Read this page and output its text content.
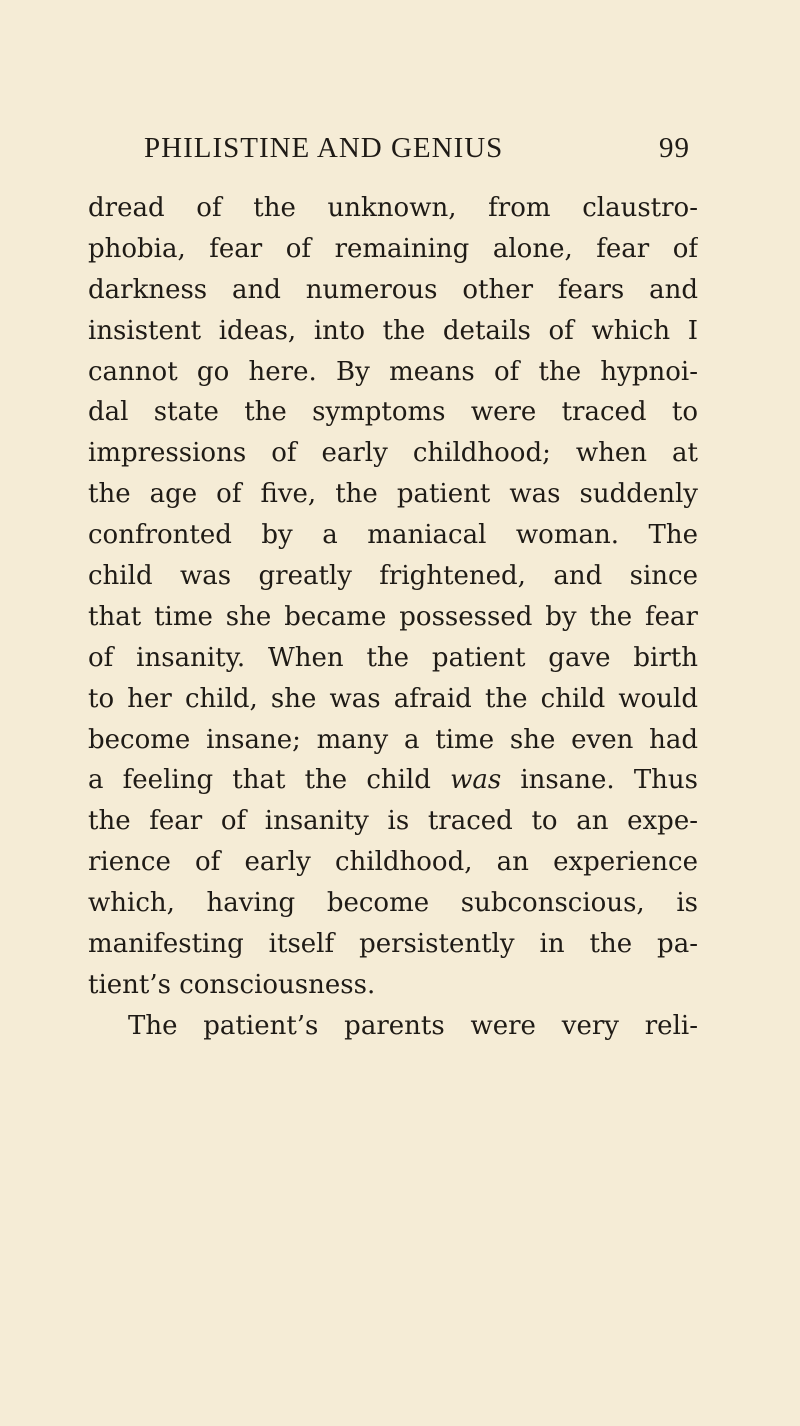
PHILISTINE AND GENIUS	99
dread of the unknown, from claustro-
phobia, fear of remaining alone, fear of
darkness and numerous other fears and
insistent ideas, into the details of which I
cannot go here. By means of the hypnoi-
dal state the symptoms were traced to
impressions of early childhood; when at
the age of five, the patient was suddenly
confronted by a maniacal woman. The
child was greatly frightened, and since
that time she became possessed by the fear
of insanity. When the patient gave birth
to her child, she was afraid the child would
become insane; many a time she even had
a feeling that the child was insane. Thus
the fear of insanity is traced to an expe-
rience of early childhood, an experience
which, having become subconscious, is
manifesting itself persistently in the pa-
tient’s consciousness.
The patient’s parents were very reli-
